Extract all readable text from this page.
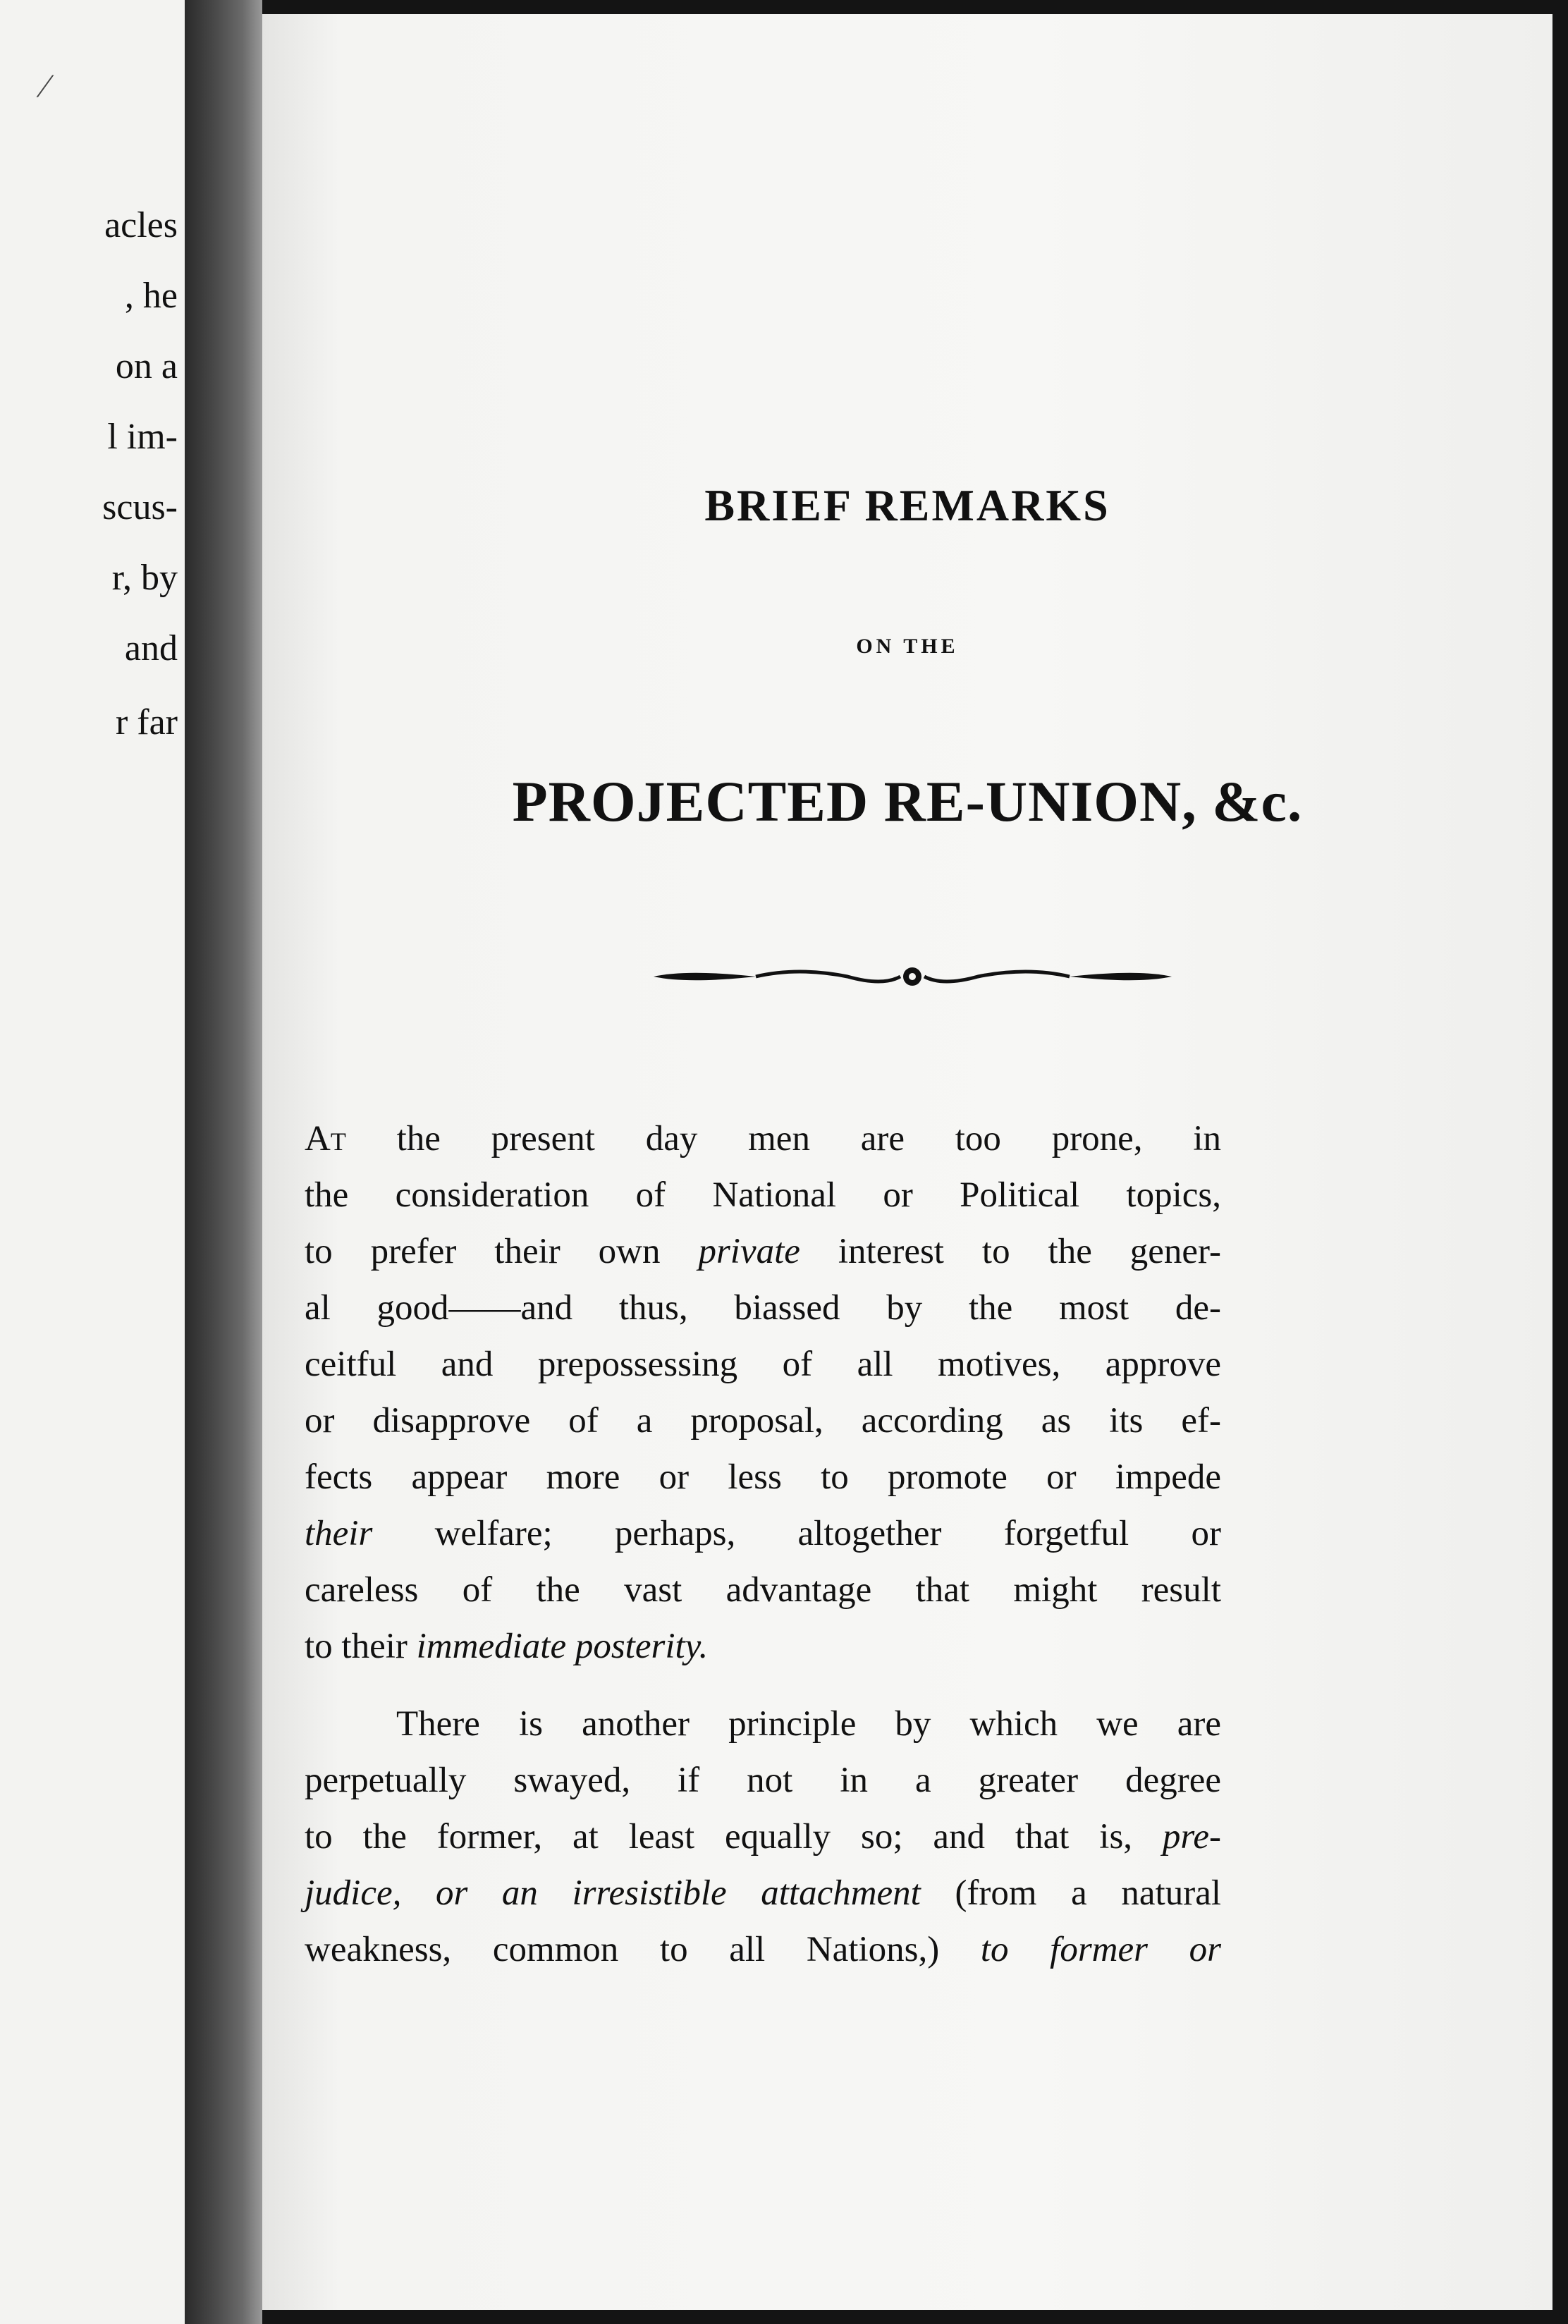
⁄

acles

, he

on a

l im-

scus-

r, by

and

r far

BRIEF REMARKS
ON THE
PROJECTED RE-UNION, &c.
At the present day men are too prone, in
the consideration of National or Political topics,
to prefer their own private interest to the gener-
al good——and thus, biassed by the most de-
ceitful and prepossessing of all motives, approve
or disapprove of a proposal, according as its ef-
fects appear more or less to promote or impede
their welfare; perhaps, altogether forgetful or
careless of the vast advantage that might result
to their immediate posterity.
There is another principle by which we are
perpetually swayed, if not in a greater degree
to the former, at least equally so; and that is, pre-
judice, or an irresistible attachment (from a natural
weakness, common to all Nations,) to former or
